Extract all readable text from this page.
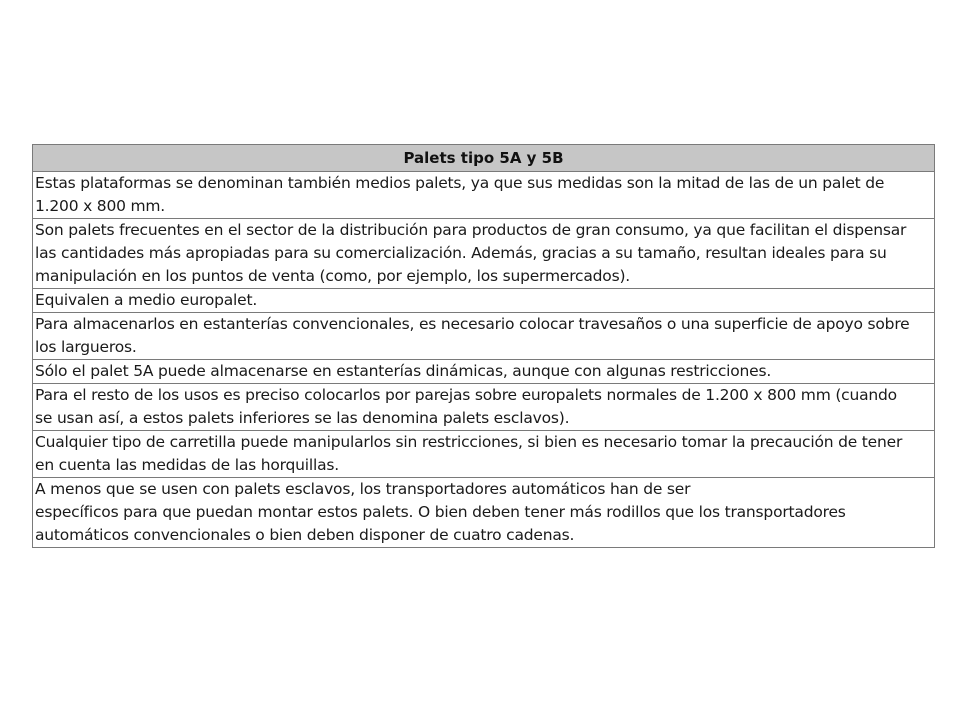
Palets tipo 5A y 5B
Estas plataformas se denominan también medios palets, ya que sus medidas son la mitad de las de un palet de
1.200 x 800 mm.
Son palets frecuentes en el sector de la distribución para productos de gran consumo, ya que facilitan el dispensar
las cantidades más apropiadas para su comercialización. Además, gracias a su tamaño, resultan ideales para su
manipulación en los puntos de venta (como, por ejemplo, los supermercados).
Equivalen a medio europalet.
Para almacenarlos en estanterías convencionales, es necesario colocar travesaños o una superficie de apoyo sobre
los largueros.
Sólo el palet 5A puede almacenarse en estanterías dinámicas, aunque con algunas restricciones.
Para el resto de los usos es preciso colocarlos por parejas sobre europalets normales de 1.200 x 800 mm (cuando
se usan así, a estos palets inferiores se las denomina palets esclavos).
Cualquier tipo de carretilla puede manipularlos sin restricciones, si bien es necesario tomar la precaución de tener
en cuenta las medidas de las horquillas.
A menos que se usen con palets esclavos, los transportadores automáticos han de ser
específicos para que puedan montar estos palets. O bien deben tener más rodillos que los transportadores
automáticos convencionales o bien deben disponer de cuatro cadenas.
